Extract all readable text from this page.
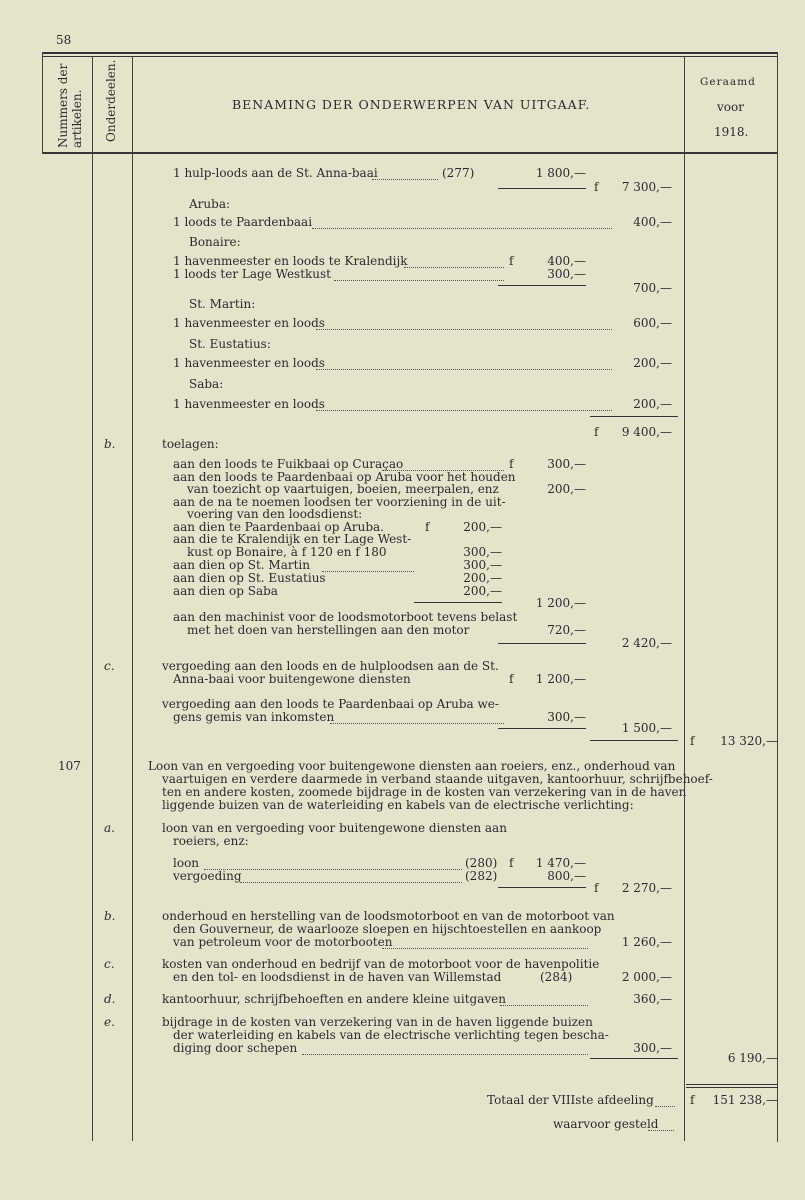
58
Nummers der artikelen. Onderdeelen.	BENAMING DER ONDERWERPEN VAN UITGAAF.
Geraamd
voor
1918.
1 hulp-loods aan de St. Anna-baai	(277)	1 800,—
f	7 300,—
Aruba:
1 loods te Paardenbaai	400,—
Bonaire:
1 havenmeester en loods te Kralendijk	f	400,—
1 loods ter Lage Westkust	300,—
700,—
St. Martin:
1 havenmeester en loods	600,—
St. Eustatius:
1 havenmeester en loods	200,—
Saba:
1 havenmeester en loods	200,—
f	9 400,—
b.	toelagen:
aan den loods te Fuikbaai op Curaçao	f	300,—
aan den loods te Paardenbaai op Aruba voor het houden
van toezicht op vaartuigen, boeien, meerpalen, enz	200,—
aan de na te noemen loodsen ter voorziening in de uit-
voering van den loodsdienst:
aan dien te Paardenbaai op Aruba.	f	200,—
aan die te Kralendijk en ter Lage West-
kust op Bonaire, à f 120 en f 180	300,—
aan dien op St. Martin	300,—
aan dien op St. Eustatius	200,—
aan dien op Saba	200,—
1 200,—
aan den machinist voor de loodsmotorboot tevens belast
met het doen van herstellingen aan den motor	720,—
2 420,—
c.	vergoeding aan den loods en de hulploodsen aan de St.
Anna-baai voor buitengewone diensten	f	1 200,—
vergoeding aan den loods te Paardenbaai op Aruba we-
gens gemis van inkomsten	300,—
1 500,—
f	13 320,—
107	Loon van en vergoeding voor buitengewone diensten aan roeiers, enz., onderhoud van
vaartuigen en verdere daarmede in verband staande uitgaven, kantoorhuur, schrijfbehoef-
ten en andere kosten, zoomede bijdrage in de kosten van verzekering van in de haven
liggende buizen van de waterleiding en kabels van de electrische verlichting:
a.	loon van en vergoeding voor buitengewone diensten aan
roeiers, enz:
loon	(280) f	1 470,—
vergoeding	(282)	800,—
f	2 270,—
b.	onderhoud en herstelling van de loodsmotorboot en van de motorboot van
den Gouverneur, de waarlooze sloepen en hijschtoestellen en aankoop
van petroleum voor de motorbooten	1 260,—
c.	kosten van onderhoud en bedrijf van de motorboot voor de havenpolitie
en den tol- en loodsdienst in de haven van Willemstad	(284)	2 000,—
d.	kantoorhuur, schrijfbehoeften en andere kleine uitgaven	360,—
e.	bijdrage in de kosten van verzekering van in de haven liggende buizen
der waterleiding en kabels van de electrische verlichting tegen bescha-
diging door schepen	300,—
6 190,—
Totaal der VIIIste afdeeling	f	151 238,—
waarvoor gesteld
